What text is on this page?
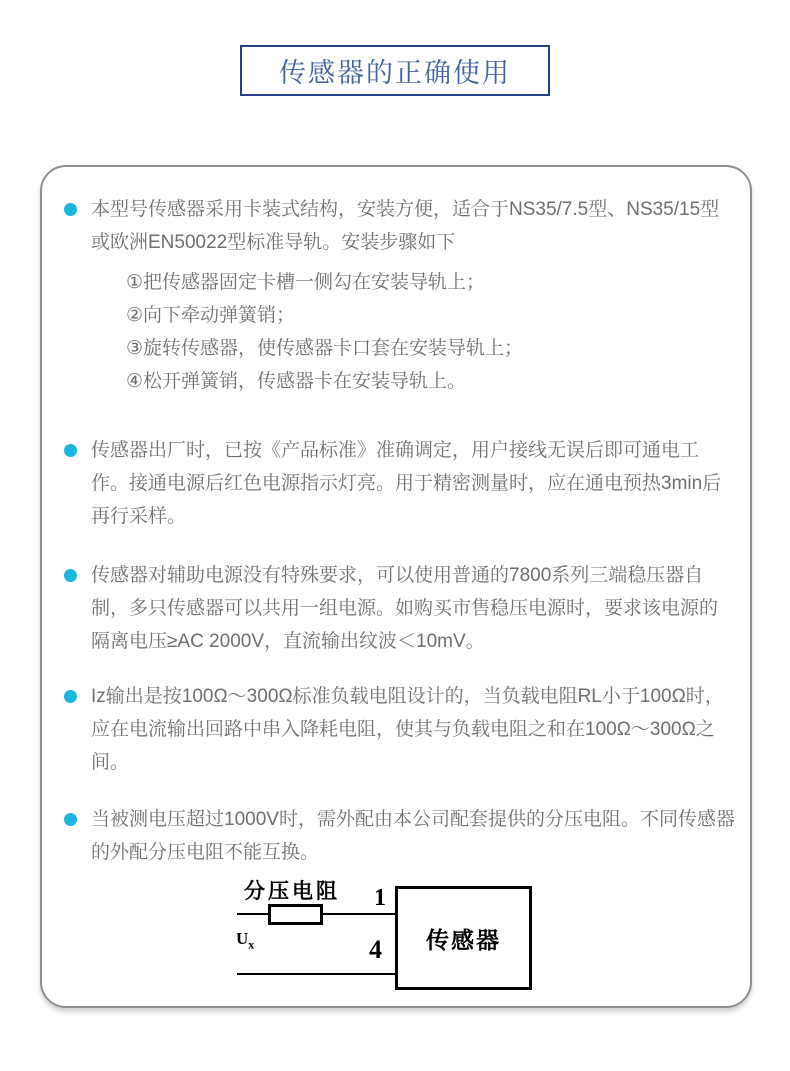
传感器的正确使用
本型号传感器采用卡装式结构，安装方便，适合于NS35/7.5型、NS35/15型或欧洲EN50022型标准导轨。安装步骤如下
①把传感器固定卡槽一侧勾在安装导轨上；
②向下牵动弹簧销；
③旋转传感器，使传感器卡口套在安装导轨上；
④松开弹簧销，传感器卡在安装导轨上。
传感器出厂时，已按《产品标准》准确调定，用户接线无误后即可通电工作。接通电源后红色电源指示灯亮。用于精密测量时，应在通电预热3min后再行采样。
传感器对辅助电源没有特殊要求，可以使用普通的7800系列三端稳压器自制，多只传感器可以共用一组电源。如购买市售稳压电源时，要求该电源的隔离电压≥AC 2000V，直流输出纹波＜10mV。
Iz输出是按100Ω～300Ω标准负载电阻设计的，当负载电阻RL小于100Ω时，应在电流输出回路中串入降耗电阻，使其与负载电阻之和在100Ω～300Ω之间。
当被测电压超过1000V时，需外配由本公司配套提供的分压电阻。不同传感器的外配分压电阻不能互换。
分压电阻 1
$U_x$	4 传感器
